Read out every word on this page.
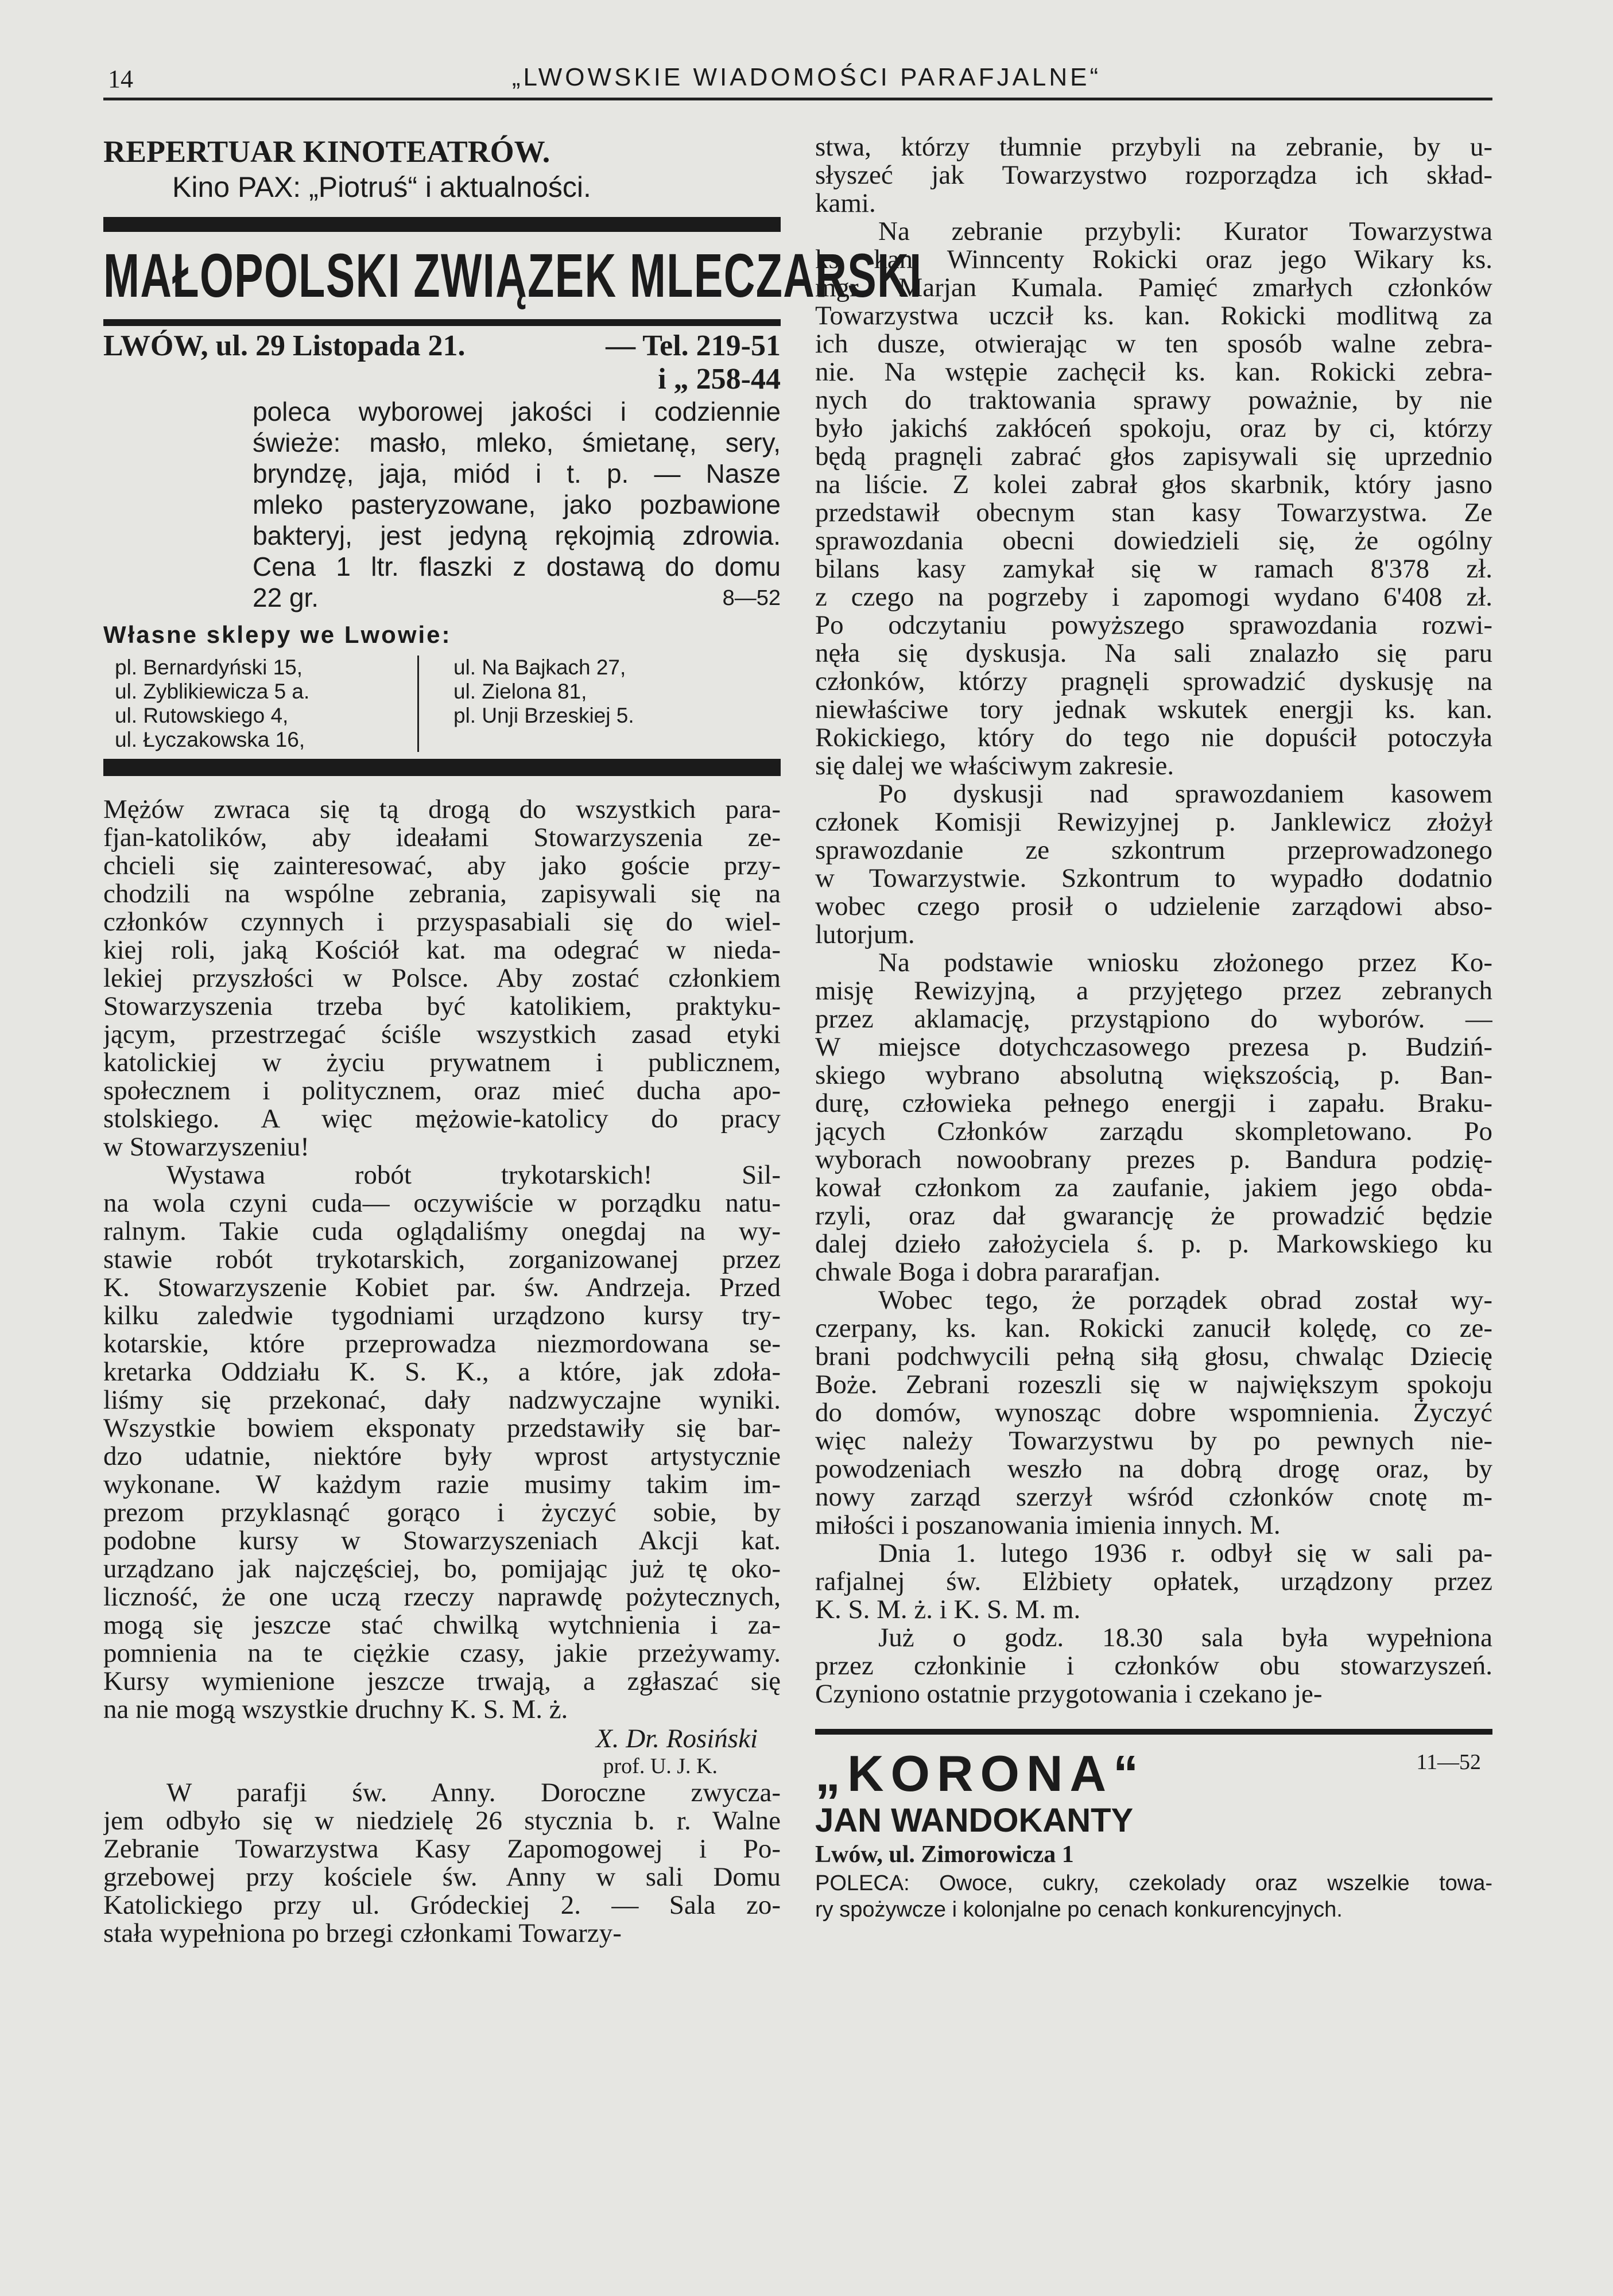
14	„LWOWSKIE WIADOMOŚCI PARAFJALNE“
REPERTUAR KINOTEATRÓW.
Kino PAX: „Piotruś“ i aktualności.
MAŁOPOLSKI ZWIĄZEK MLECZARSKI
LWÓW, ul. 29 Listopada 21.	— Tel. 219-51
i „ 258-44
poleca wyborowej jakości i codziennie
świeże: masło, mleko, śmietanę, sery,
bryndzę, jaja, miód i t. p. — Nasze
mleko pasteryzowane, jako pozbawione
bakteryj, jest jedyną rękojmią zdrowia.
Cena 1 ltr. flaszki z dostawą do domu
22 gr.	8—52
Własne sklepy we Lwowie:
pl. Bernardyński 15,
ul. Zyblikiewicza 5 a.
ul. Rutowskiego 4,
ul. Łyczakowska 16,
ul. Na Bajkach 27,
ul. Zielona 81,
pl. Unji Brzeskiej 5.
Mężów zwraca się tą drogą do wszystkich para-
fjan-katolików, aby ideałami Stowarzyszenia ze-
chcieli się zainteresować, aby jako goście przy-
chodzili na wspólne zebrania, zapisywali się na
członków czynnych i przyspasabiali się do wiel-
kiej roli, jaką Kościół kat. ma odegrać w nieda-
lekiej przyszłości w Polsce. Aby zostać członkiem
Stowarzyszenia trzeba być katolikiem, praktyku-
jącym, przestrzegać ściśle wszystkich zasad etyki
katolickiej w życiu prywatnem i publicznem,
społecznem i politycznem, oraz mieć ducha apo-
stolskiego. A więc mężowie-katolicy do pracy
w Stowarzyszeniu!
Wystawa robót trykotarskich! Sil-
na wola czyni cuda— oczywiście w porządku natu-
ralnym. Takie cuda oglądaliśmy onegdaj na wy-
stawie robót trykotarskich, zorganizowanej przez
K. Stowarzyszenie Kobiet par. św. Andrzeja. Przed
kilku zaledwie tygodniami urządzono kursy try-
kotarskie, które przeprowadza niezmordowana se-
kretarka Oddziału K. S. K., a które, jak zdoła-
liśmy się przekonać, dały nadzwyczajne wyniki.
Wszystkie bowiem eksponaty przedstawiły się bar-
dzo udatnie, niektóre były wprost artystycznie
wykonane. W każdym razie musimy takim im-
prezom przyklasnąć gorąco i życzyć sobie, by
podobne kursy w Stowarzyszeniach Akcji kat.
urządzano jak najczęściej, bo, pomijając już tę oko-
liczność, że one uczą rzeczy naprawdę pożytecznych,
mogą się jeszcze stać chwilką wytchnienia i za-
pomnienia na te ciężkie czasy, jakie przeżywamy.
Kursy wymienione jeszcze trwają, a zgłaszać się
na nie mogą wszystkie druchny K. S. M. ż.
X. Dr. Rosiński
prof. U. J. K.
W parafji św. Anny. Doroczne zwycza-
jem odbyło się w niedzielę 26 stycznia b. r. Walne
Zebranie Towarzystwa Kasy Zapomogowej i Po-
grzebowej przy kościele św. Anny w sali Domu
Katolickiego przy ul. Gródeckiej 2. — Sala zo-
stała wypełniona po brzegi członkami Towarzy-
stwa, którzy tłumnie przybyli na zebranie, by u-
słyszeć jak Towarzystwo rozporządza ich skład-
kami.
Na zebranie przybyli: Kurator Towarzystwa
ks. kan. Winncenty Rokicki oraz jego Wikary ks.
mgr. Marjan Kumala. Pamięć zmarłych członków
Towarzystwa uczcił ks. kan. Rokicki modlitwą za
ich dusze, otwierając w ten sposób walne zebra-
nie. Na wstępie zachęcił ks. kan. Rokicki zebra-
nych do traktowania sprawy poważnie, by nie
było jakichś zakłóceń spokoju, oraz by ci, którzy
będą pragnęli zabrać głos zapisywali się uprzednio
na liście. Z kolei zabrał głos skarbnik, który jasno
przedstawił obecnym stan kasy Towarzystwa. Ze
sprawozdania obecni dowiedzieli się, że ogólny
bilans kasy zamykał się w ramach 8'378 zł.
z czego na pogrzeby i zapomogi wydano 6'408 zł.
Po odczytaniu powyższego sprawozdania rozwi-
nęła się dyskusja. Na sali znalazło się paru
członków, którzy pragnęli sprowadzić dyskusję na
niewłaściwe tory jednak wskutek energji ks. kan.
Rokickiego, który do tego nie dopuścił potoczyła
się dalej we właściwym zakresie.
Po dyskusji nad sprawozdaniem kasowem
członek Komisji Rewizyjnej p. Janklewicz złożył
sprawozdanie ze szkontrum przeprowadzonego
w Towarzystwie. Szkontrum to wypadło dodatnio
wobec czego prosił o udzielenie zarządowi abso-
lutorjum.
Na podstawie wniosku złożonego przez Ko-
misję Rewizyjną, a przyjętego przez zebranych
przez aklamację, przystąpiono do wyborów. —
W miejsce dotychczasowego prezesa p. Budziń-
skiego wybrano absolutną większością, p. Ban-
durę, człowieka pełnego energji i zapału. Braku-
jących Członków zarządu skompletowano. Po
wyborach nowoobrany prezes p. Bandura podzię-
kował członkom za zaufanie, jakiem jego obda-
rzyli, oraz dał gwarancję że prowadzić będzie
dalej dzieło założyciela ś. p. p. Markowskiego ku
chwale Boga i dobra pararafjan.
Wobec tego, że porządek obrad został wy-
czerpany, ks. kan. Rokicki zanucił kolędę, co ze-
brani podchwycili pełną siłą głosu, chwaląc Dziecię
Boże. Zebrani rozeszli się w największym spokoju
do domów, wynosząc dobre wspomnienia. Życzyć
więc należy Towarzystwu by po pewnych nie-
powodzeniach weszło na dobrą drogę oraz, by
nowy zarząd szerzył wśród członków cnotę m-
miłości i poszanowania imienia innych. M.
Dnia 1. lutego 1936 r. odbył się w sali pa-
rafjalnej św. Elżbiety opłatek, urządzony przez
K. S. M. ż. i K. S. M. m.
Już o godz. 18.30 sala była wypełniona
przez członkinie i członków obu stowarzyszeń.
Czyniono ostatnie przygotowania i czekano je-
„KORONA“	11—52
JAN WANDOKANTY
Lwów, ul. Zimorowicza 1
POLECA: Owoce, cukry, czekolady oraz wszelkie towa-
ry spożywcze i kolonjalne po cenach konkurencyjnych.
